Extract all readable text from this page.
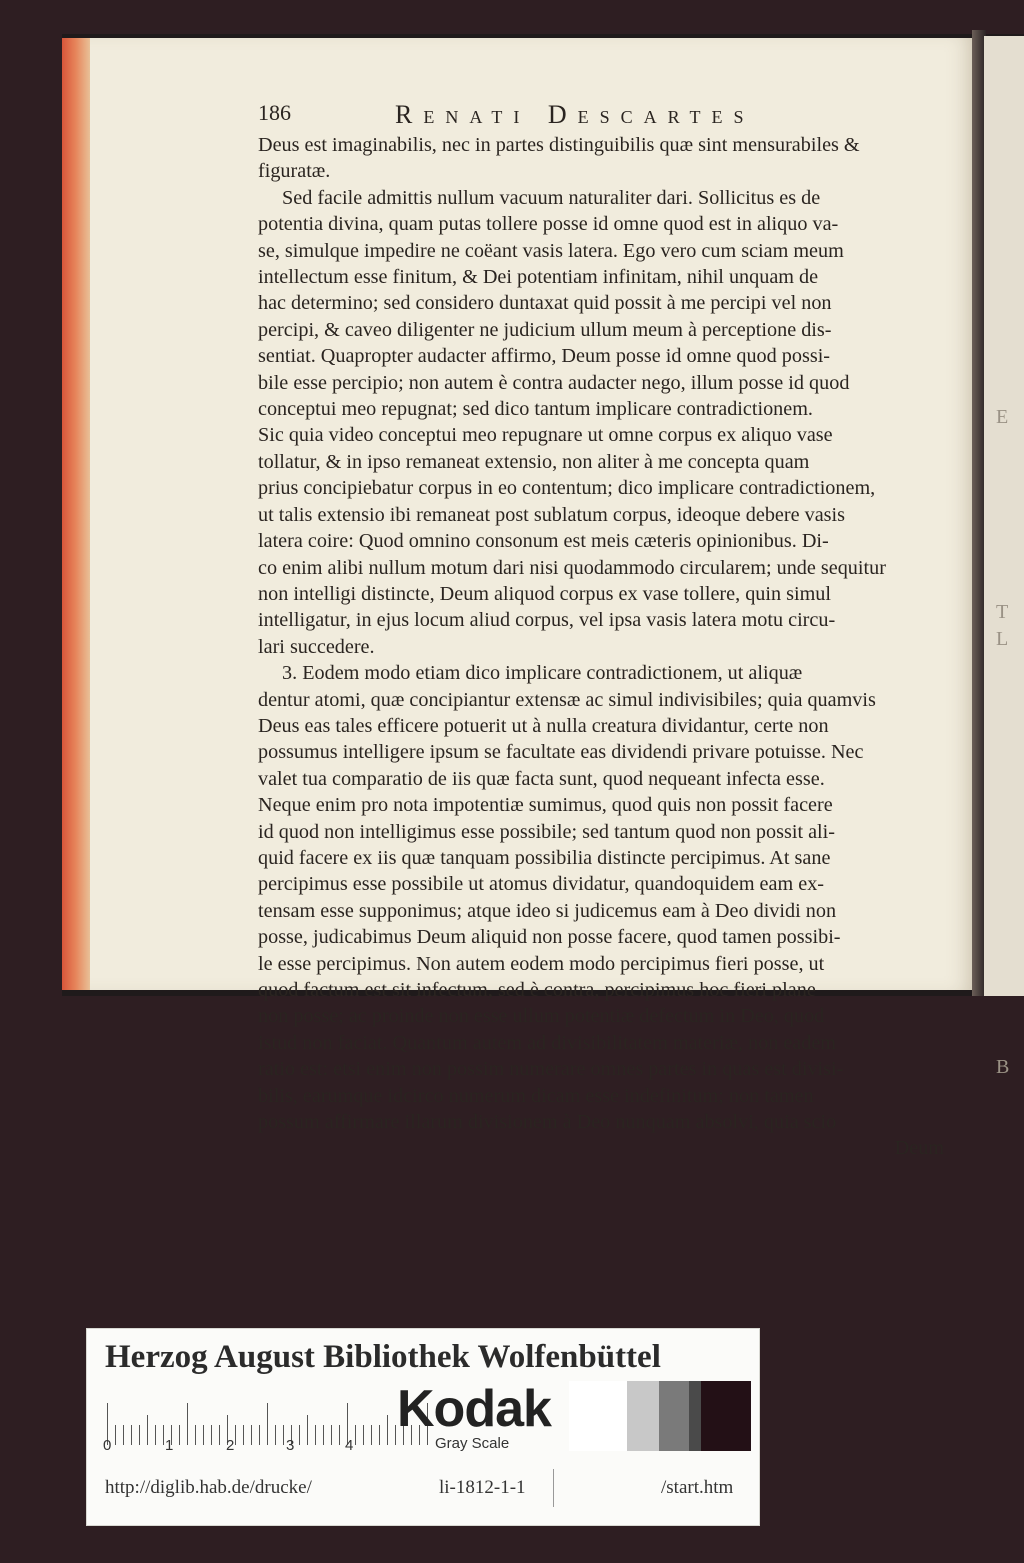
E
T
L
B
186	Renati Descartes

Deus est imaginabilis, nec in partes distinguibilis quæ sint mensurabiles &

figuratæ.

Sed facile admittis nullum vacuum naturaliter dari. Sollicitus es de

potentia divina, quam putas tollere posse id omne quod est in aliquo va-

se, simulque impedire ne coëant vasis latera. Ego vero cum sciam meum

intellectum esse finitum, & Dei potentiam infinitam, nihil unquam de

hac determino; sed considero duntaxat quid possit à me percipi vel non

percipi, & caveo diligenter ne judicium ullum meum à perceptione dis-

sentiat. Quapropter audacter affirmo, Deum posse id omne quod possi-

bile esse percipio; non autem è contra audacter nego, illum posse id quod

conceptui meo repugnat; sed dico tantum implicare contradictionem.

Sic quia video conceptui meo repugnare ut omne corpus ex aliquo vase

tollatur, & in ipso remaneat extensio, non aliter à me concepta quam

prius concipiebatur corpus in eo contentum; dico implicare contradictionem,

ut talis extensio ibi remaneat post sublatum corpus, ideoque debere vasis

latera coire: Quod omnino consonum est meis cæteris opinionibus. Di-

co enim alibi nullum motum dari nisi quodammodo circularem; unde sequitur

non intelligi distincte, Deum aliquod corpus ex vase tollere, quin simul

intelligatur, in ejus locum aliud corpus, vel ipsa vasis latera motu circu-

lari succedere.

3. Eodem modo etiam dico implicare contradictionem, ut aliquæ

dentur atomi, quæ concipiantur extensæ ac simul indivisibiles; quia quamvis

Deus eas tales efficere potuerit ut à nulla creatura dividantur, certe non

possumus intelligere ipsum se facultate eas dividendi privare potuisse. Nec

valet tua comparatio de iis quæ facta sunt, quod nequeant infecta esse.

Neque enim pro nota impotentiæ sumimus, quod quis non possit facere

id quod non intelligimus esse possibile; sed tantum quod non possit ali-

quid facere ex iis quæ tanquam possibilia distincte percipimus. At sane

percipimus esse possibile ut atomus dividatur, quandoquidem eam ex-

tensam esse supponimus; atque ideo si judicemus eam à Deo dividi non

posse, judicabimus Deum aliquid non posse facere, quod tamen possibi-

le esse percipimus. Non autem eodem modo percipimus fieri posse, ut

quod factum est sit infectum, sed è contra, percipimus hoc fieri plane

non posse; ac proinde non esse ullum potentiæ defectum in Deo, quod

istud non faciat. Quantum autem ad divisibilitatem materiæ, non eadem

ratio est: etsi enim non possim numerare omnes partes in quas est divisi-

bilis, earumque idcirco numerum dicam esse indefinitum; non tamen

possum affirmare illarum divisionem à Deo nunquam absolvi, quia scio

Deum

Herzog August Bibliothek Wolfenbüttel
0	1	2	3	4
Kodak
Gray Scale
http://diglib.hab.de/drucke/	li-1812-1-1	/start.htm
